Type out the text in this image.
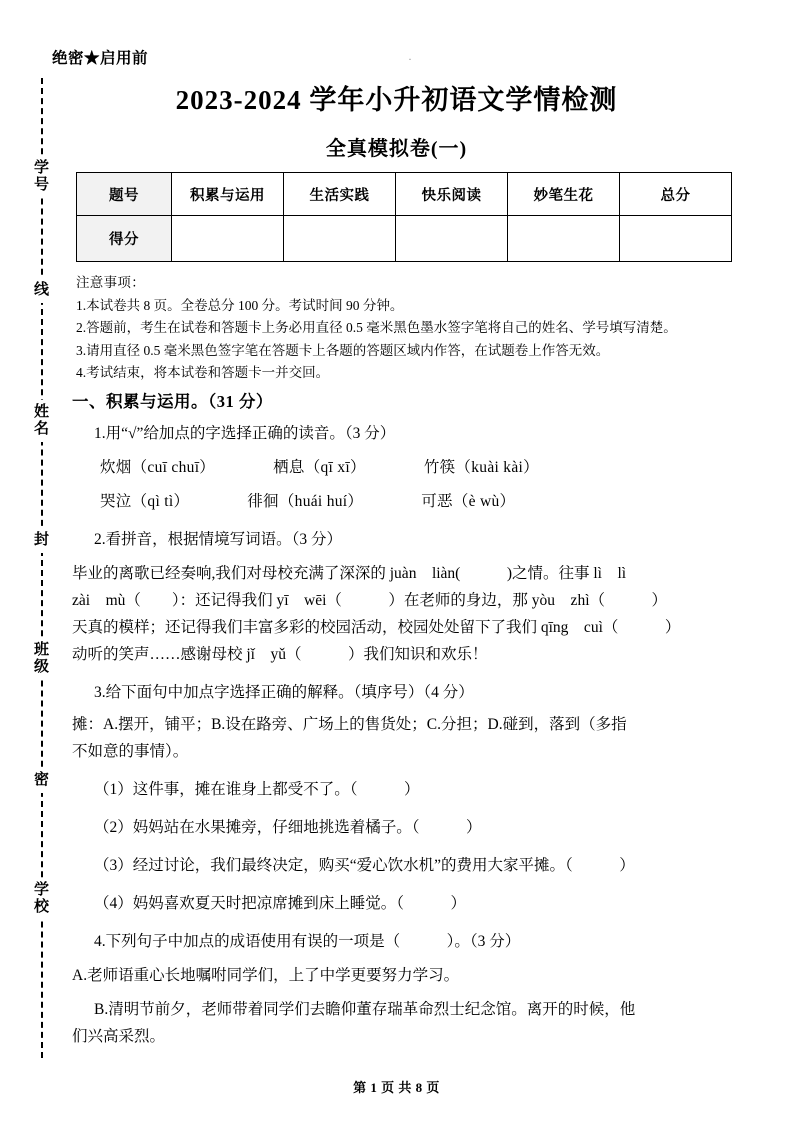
学号
线
姓名
封
班级
密
学校
绝密★启用前	·
2023-2024 学年小升初语文学情检测
全真模拟卷(一)
题号	积累与运用	生活实践	快乐阅读	妙笔生花	总分
得分					

注意事项：

1.本试卷共 8 页。全卷总分 100 分。考试时间 90 分钟。

2.答题前，考生在试卷和答题卡上务必用直径 0.5 毫米黑色墨水签字笔将自己的姓名、学号填写清楚。

3.请用直径 0.5 毫米黑色签字笔在答题卡上各题的答题区域内作答，在试题卷上作答无效。

4.考试结束，将本试卷和答题卡一并交回。

一、积累与运用。（31 分）

1.用“√”给加点的字选择正确的读音。（3 分）

炊烟（cuī chuī）	栖息（qī xī）	竹筷（kuài kài）

哭泣（qì tì）	徘徊（huái huí）	可恶（è wù）

2.看拼音，根据情境写词语。（3 分）

毕业的离歌已经奏响,我们对母校充满了深深的 juàn　liàn(　　　)之情。往事 lì　lì

zài　mù（　　）：还记得我们 yī　wēi（　　　）在老师的身边，那 yòu　zhì（　　　）

天真的模样；还记得我们丰富多彩的校园活动，校园处处留下了我们 qīng　cuì（　　　）

动听的笑声……感谢母校 jǐ　yǔ（　　　）我们知识和欢乐！

3.给下面句中加点字选择正确的解释。（填序号）（4 分）

摊：A.摆开，铺平；B.设在路旁、广场上的售货处；C.分担；D.碰到，落到（多指

不如意的事情）。

（1）这件事，摊在谁身上都受不了。（　　　）

（2）妈妈站在水果摊旁，仔细地挑选着橘子。（　　　）

（3）经过讨论，我们最终决定，购买“爱心饮水机”的费用大家平摊。（　　　）

（4）妈妈喜欢夏天时把凉席摊到床上睡觉。（　　　）

4.下列句子中加点的成语使用有误的一项是（　　　）。（3 分）

A.老师语重心长地嘱咐同学们，上了中学更要努力学习。

B.清明节前夕，老师带着同学们去瞻仰董存瑞革命烈士纪念馆。离开的时候，他

们兴高采烈。

第 1 页 共 8 页
